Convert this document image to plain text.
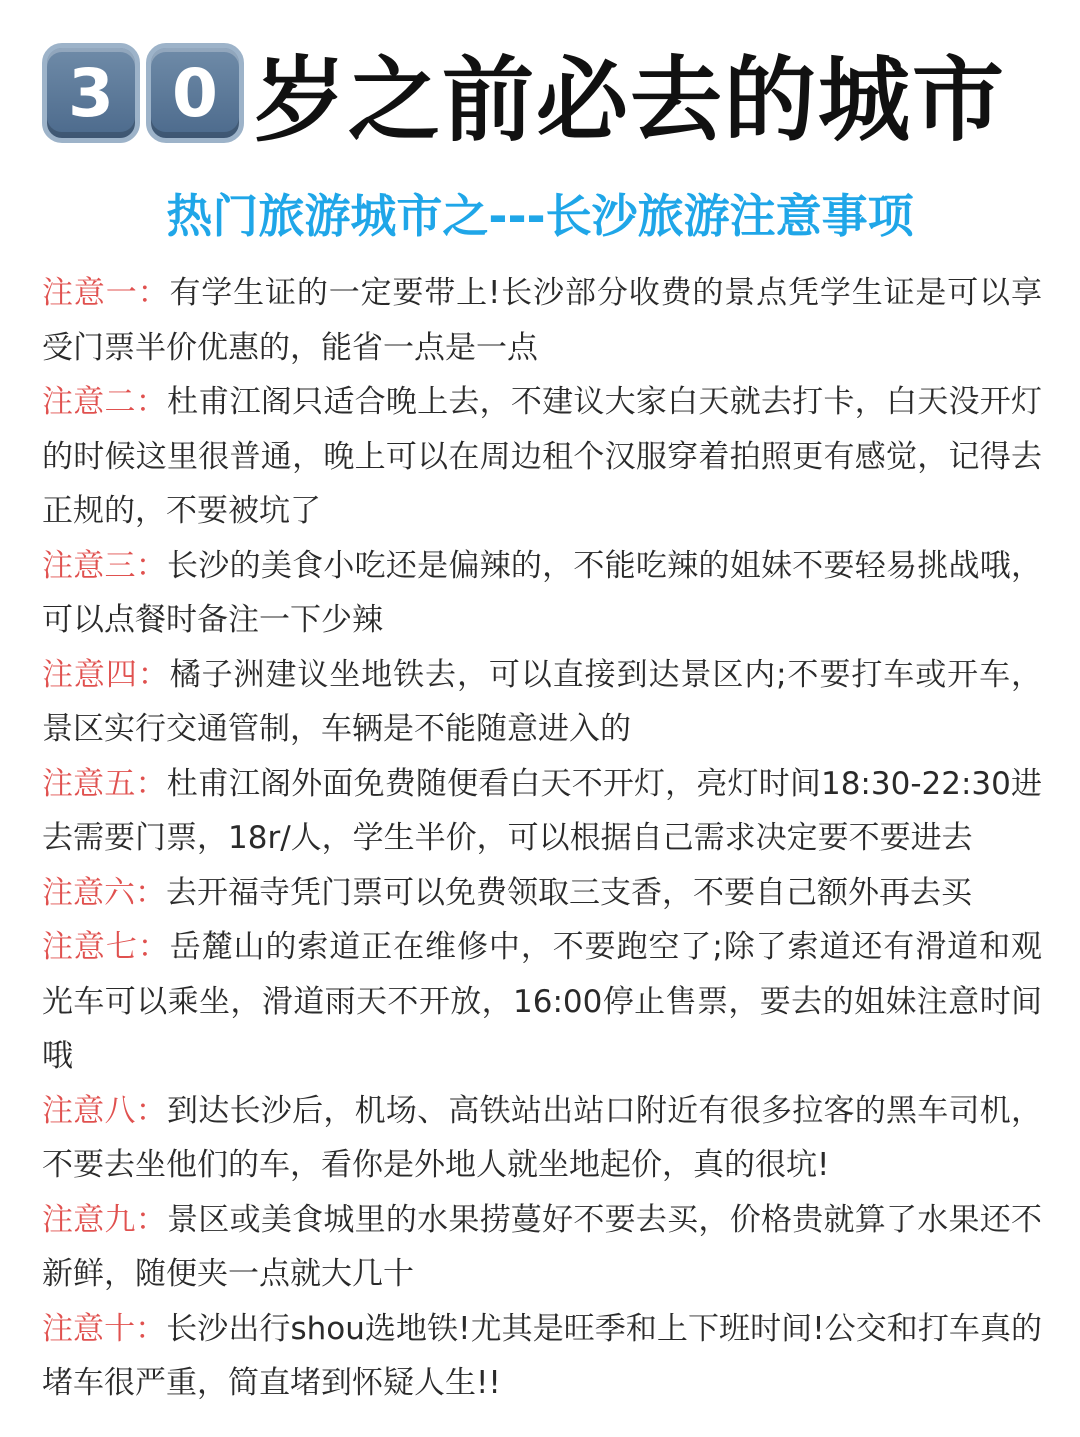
3 0 岁之前必去的城市
热门旅游城市之---长沙旅游注意事项
注意一：有学生证的一定要带上!长沙部分收费的景点凭学生证是可以享受门票半价优惠的，能省一点是一点
注意二：杜甫江阁只适合晚上去，不建议大家白天就去打卡，白天没开灯的时候这里很普通，晚上可以在周边租个汉服穿着拍照更有感觉，记得去正规的，不要被坑了
注意三：长沙的美食小吃还是偏辣的，不能吃辣的姐妹不要轻易挑战哦，可以点餐时备注一下少辣
注意四：橘子洲建议坐地铁去，可以直接到达景区内;不要打车或开车，景区实行交通管制，车辆是不能随意进入的
注意五：杜甫江阁外面免费随便看白天不开灯，亮灯时间18:30-22:30进去需要门票，18r/人，学生半价，可以根据自己需求决定要不要进去
注意六：去开福寺凭门票可以免费领取三支香，不要自己额外再去买
注意七：岳麓山的索道正在维修中，不要跑空了;除了索道还有滑道和观光车可以乘坐，滑道雨天不开放，16:00停止售票，要去的姐妹注意时间哦
注意八：到达长沙后，机场、高铁站出站口附近有很多拉客的黑车司机，不要去坐他们的车，看你是外地人就坐地起价，真的很坑!
注意九：景区或美食城里的水果捞蔓好不要去买，价格贵就算了水果还不新鲜，随便夹一点就大几十
注意十：长沙出行shou选地铁!尤其是旺季和上下班时间!公交和打车真的堵车很严重，简直堵到怀疑人生!!
